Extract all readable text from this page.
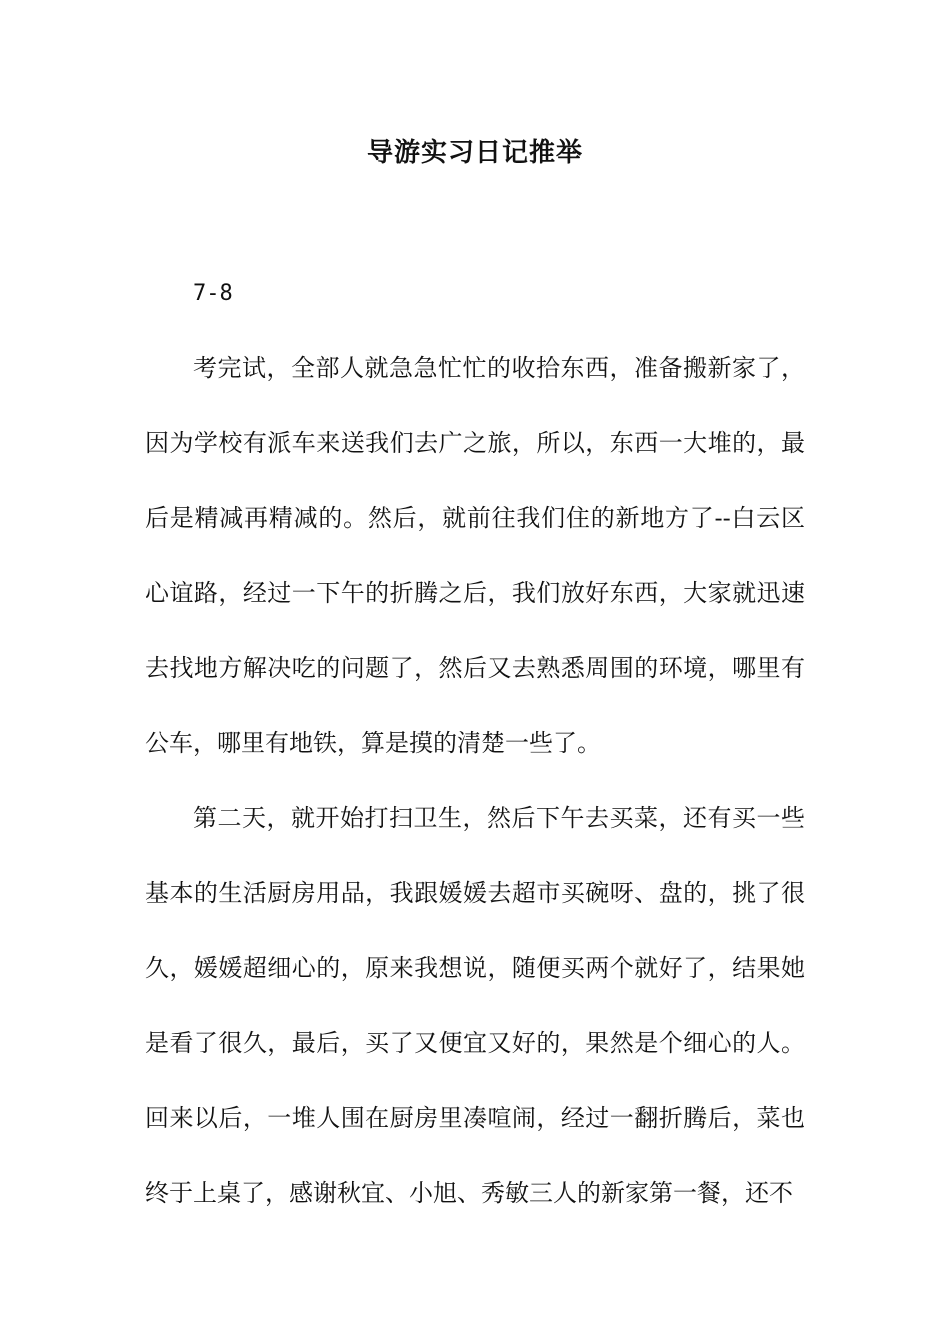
导游实习日记推举

7-8

考完试，全部人就急急忙忙的收拾东西，准备搬新家了，因为学校有派车来送我们去广之旅，所以，东西一大堆的，最后是精减再精减的。然后，就前往我们住的新地方了--白云区心谊路，经过一下午的折腾之后，我们放好东西，大家就迅速去找地方解决吃的问题了，然后又去熟悉周围的环境，哪里有公车，哪里有地铁，算是摸的清楚一些了。

第二天，就开始打扫卫生，然后下午去买菜，还有买一些基本的生活厨房用品，我跟媛媛去超市买碗呀、盘的，挑了很久，媛媛超细心的，原来我想说，随便买两个就好了，结果她是看了很久，最后，买了又便宜又好的，果然是个细心的人。回来以后，一堆人围在厨房里凑喧闹，经过一翻折腾后，菜也终于上桌了，感谢秋宜、小旭、秀敏三人的新家第一餐，还不
